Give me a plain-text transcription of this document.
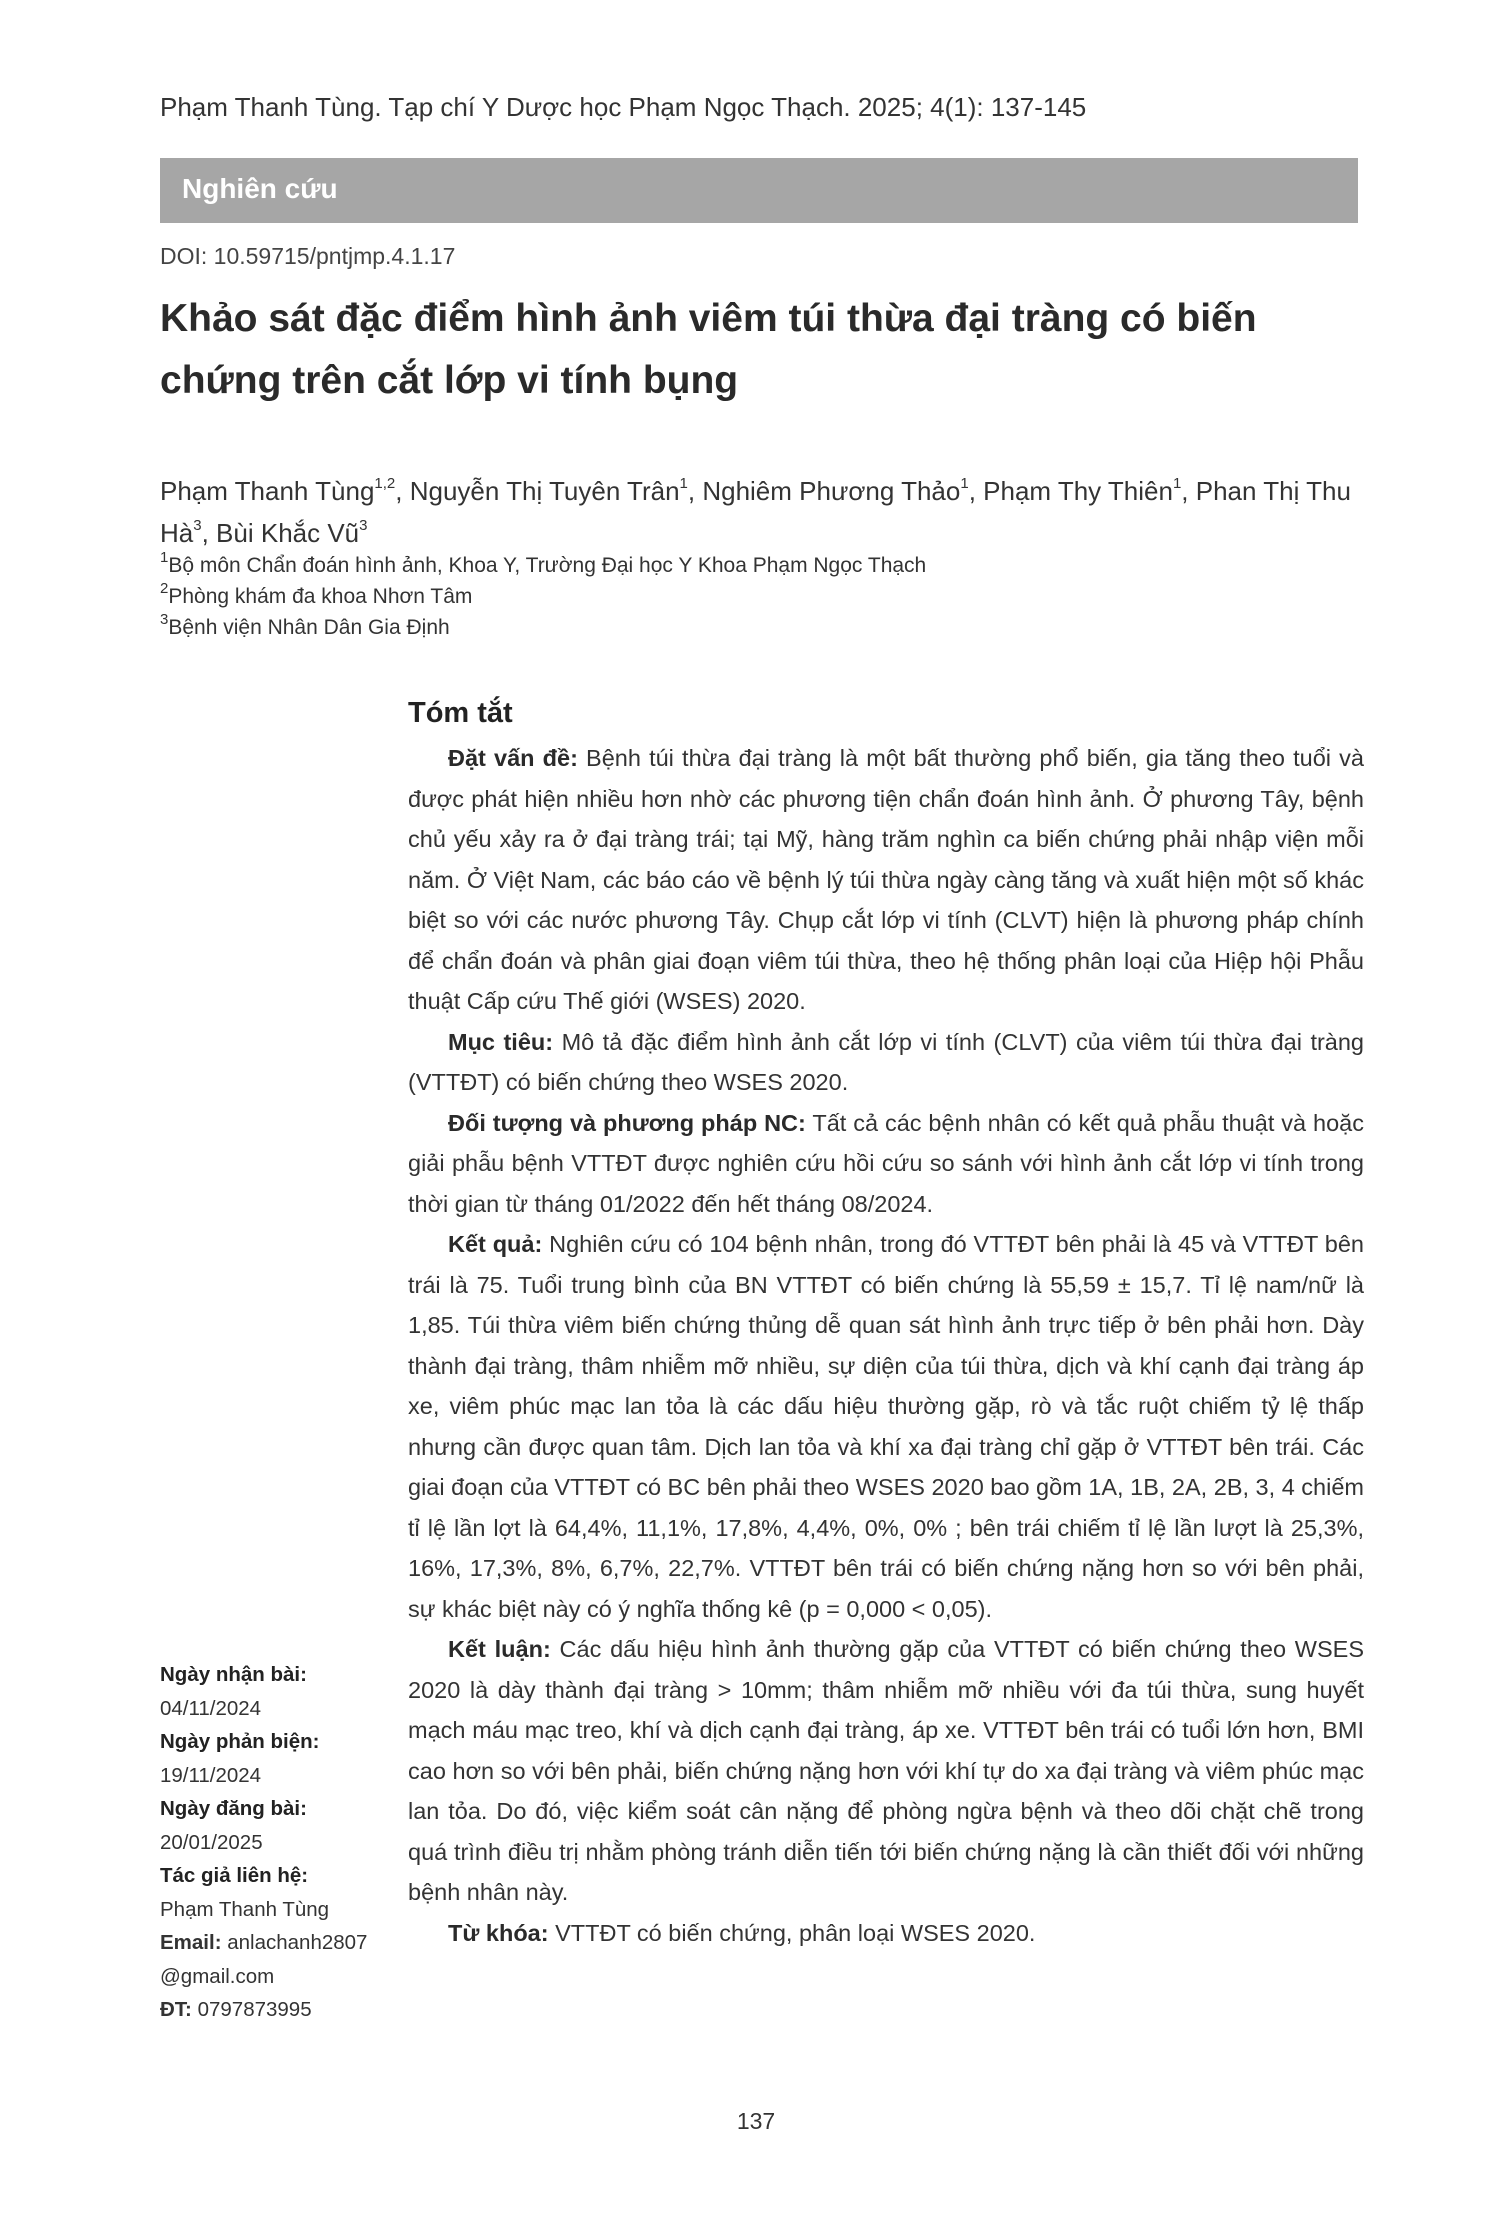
Phạm Thanh Tùng. Tạp chí Y Dược học Phạm Ngọc Thạch. 2025; 4(1): 137-145
Nghiên cứu
DOI: 10.59715/pntjmp.4.1.17
Khảo sát đặc điểm hình ảnh viêm túi thừa đại tràng có biến chứng trên cắt lớp vi tính bụng
Phạm Thanh Tùng$^{1,2}$, Nguyễn Thị Tuyên Trân$^1$, Nghiêm Phương Thảo$^1$, Phạm Thy Thiên$^1$, Phan Thị Thu $Hà^3$, Bùi Khắc $Vũ^3$
$^1$Bộ môn Chẩn đoán hình ảnh, Khoa Y, Trường Đại học Y Khoa Phạm Ngọc Thạch
$^2$Phòng khám đa khoa Nhơn Tâm
$^3$Bệnh viện Nhân Dân Gia Định
Tóm tắt

Đặt vấn đề: Bệnh túi thừa đại tràng là một bất thường phổ biến, gia tăng theo tuổi và được phát hiện nhiều hơn nhờ các phương tiện chẩn đoán hình ảnh. Ở phương Tây, bệnh chủ yếu xảy ra ở đại tràng trái; tại Mỹ, hàng trăm nghìn ca biến chứng phải nhập viện mỗi năm. Ở Việt Nam, các báo cáo về bệnh lý túi thừa ngày càng tăng và xuất hiện một số khác biệt so với các nước phương Tây. Chụp cắt lớp vi tính (CLVT) hiện là phương pháp chính để chẩn đoán và phân giai đoạn viêm túi thừa, theo hệ thống phân loại của Hiệp hội Phẫu thuật Cấp cứu Thế giới (WSES) 2020.

Mục tiêu: Mô tả đặc điểm hình ảnh cắt lớp vi tính (CLVT) của viêm túi thừa đại tràng (VTTĐT) có biến chứng theo WSES 2020.

Đối tượng và phương pháp NC: Tất cả các bệnh nhân có kết quả phẫu thuật và hoặc giải phẫu bệnh VTTĐT được nghiên cứu hồi cứu so sánh với hình ảnh cắt lớp vi tính trong thời gian từ tháng 01/2022 đến hết tháng 08/2024.

Kết quả: Nghiên cứu có 104 bệnh nhân, trong đó VTTĐT bên phải là 45 và VTTĐT bên trái là 75. Tuổi trung bình của BN VTTĐT có biến chứng là 55,59 ± 15,7. Tỉ lệ nam/nữ là 1,85. Túi thừa viêm biến chứng thủng dễ quan sát hình ảnh trực tiếp ở bên phải hơn. Dày thành đại tràng, thâm nhiễm mỡ nhiều, sự diện của túi thừa, dịch và khí cạnh đại tràng áp xe, viêm phúc mạc lan tỏa là các dấu hiệu thường gặp, rò và tắc ruột chiếm tỷ lệ thấp nhưng cần được quan tâm. Dịch lan tỏa và khí xa đại tràng chỉ gặp ở VTTĐT bên trái. Các giai đoạn của VTTĐT có BC bên phải theo WSES 2020 bao gồm 1A, 1B, 2A, 2B, 3, 4 chiếm tỉ lệ lần lợt là 64,4%, 11,1%, 17,8%, 4,4%, 0%, 0% ; bên trái chiếm tỉ lệ lần lượt là 25,3%, 16%, 17,3%, 8%, 6,7%, 22,7%. VTTĐT bên trái có biến chứng nặng hơn so với bên phải, sự khác biệt này có ý nghĩa thống kê (p = 0,000 < 0,05).

Kết luận: Các dấu hiệu hình ảnh thường gặp của VTTĐT có biến chứng theo WSES 2020 là dày thành đại tràng > 10mm; thâm nhiễm mỡ nhiều với đa túi thừa, sung huyết mạch máu mạc treo, khí và dịch cạnh đại tràng, áp xe. VTTĐT bên trái có tuổi lớn hơn, BMI cao hơn so với bên phải, biến chứng nặng hơn với khí tự do xa đại tràng và viêm phúc mạc lan tỏa. Do đó, việc kiểm soát cân nặng để phòng ngừa bệnh và theo dõi chặt chẽ trong quá trình điều trị nhằm phòng tránh diễn tiến tới biến chứng nặng là cần thiết đối với những bệnh nhân này.

Từ khóa: VTTĐT có biến chứng, phân loại WSES 2020.

Ngày nhận bài:
04/11/2024
Ngày phản biện:
19/11/2024
Ngày đăng bài:
20/01/2025
Tác giả liên hệ:
Phạm Thanh Tùng
Email: anlachanh2807
@gmail.com
ĐT: 0797873995
137
